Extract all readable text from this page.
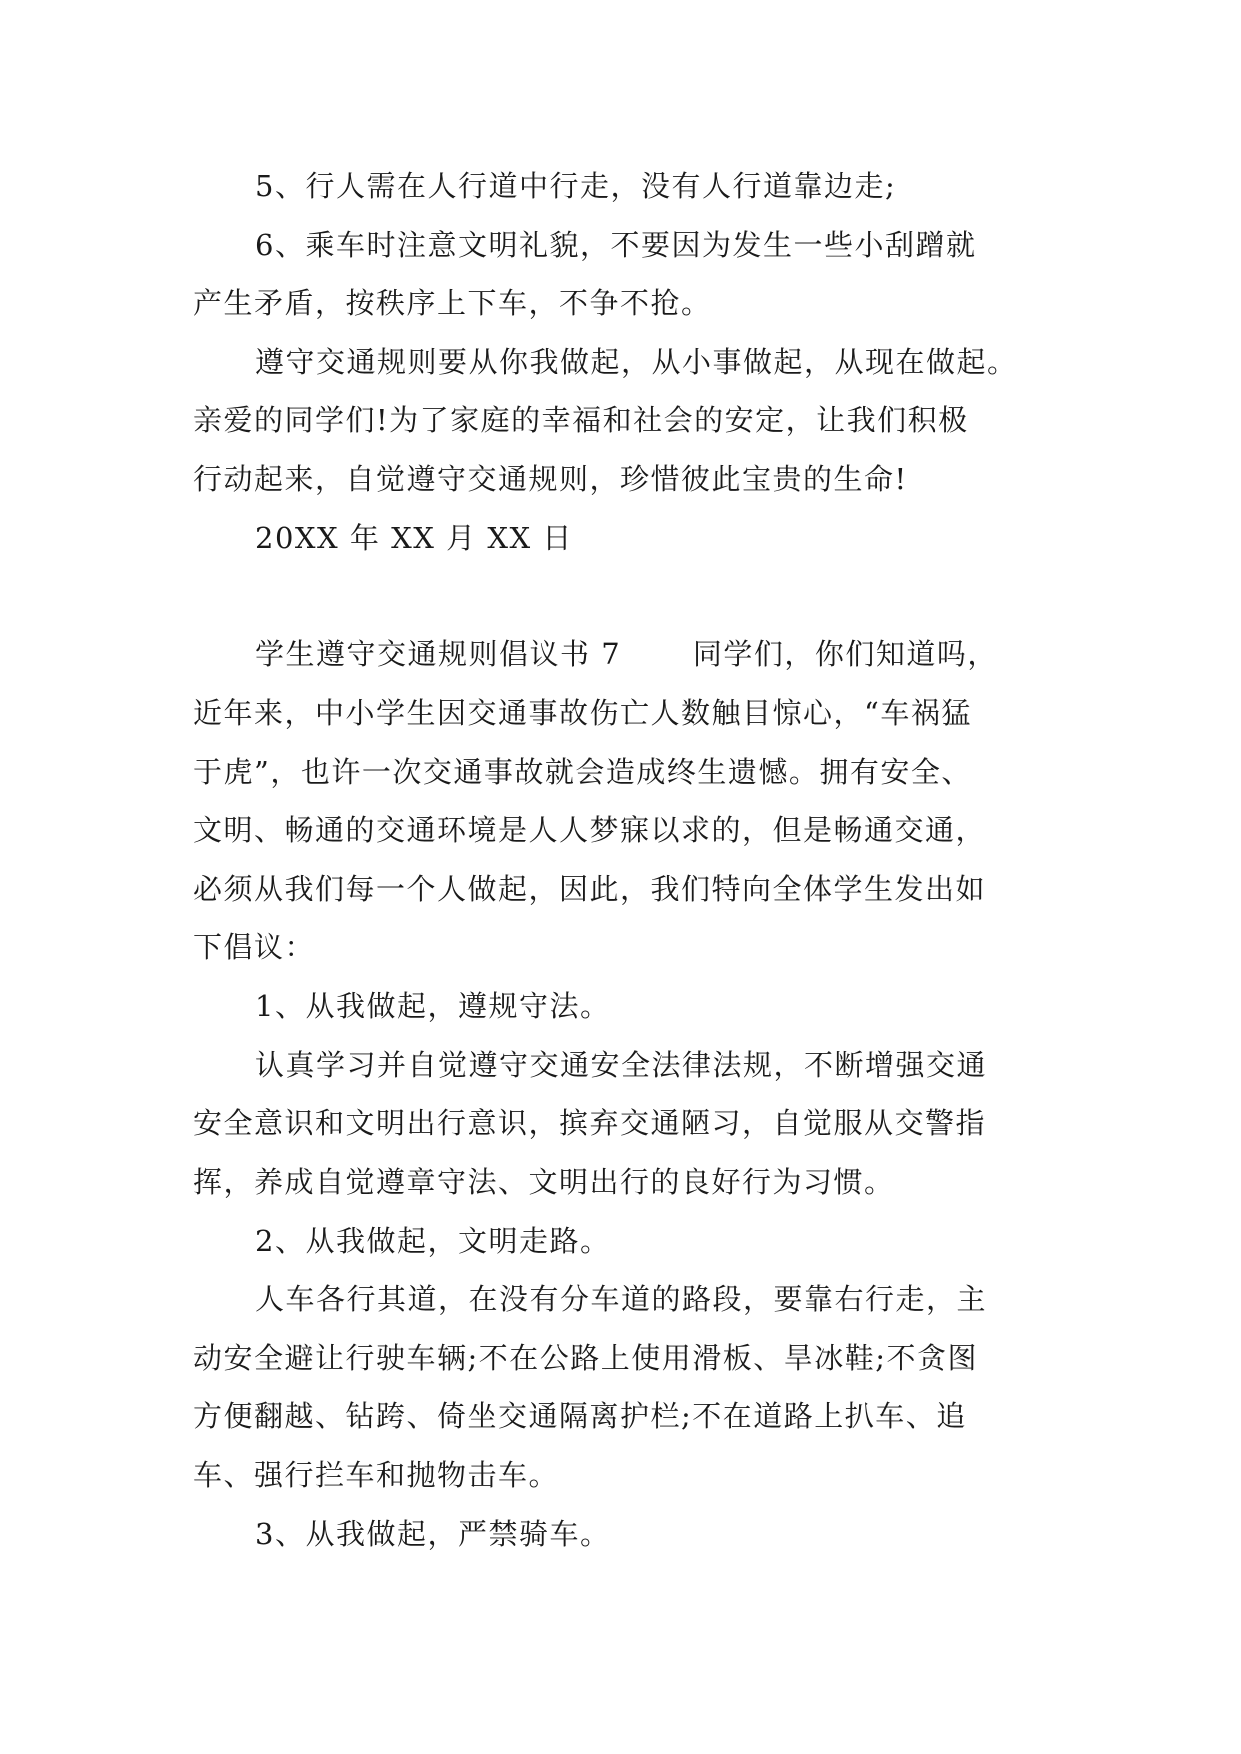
5、行人需在人行道中行走，没有人行道靠边走;
6、乘车时注意文明礼貌，不要因为发生一些小刮蹭就
产生矛盾，按秩序上下车，不争不抢。
遵守交通规则要从你我做起，从小事做起，从现在做起。
亲爱的同学们!为了家庭的幸福和社会的安定，让我们积极
行动起来，自觉遵守交通规则，珍惜彼此宝贵的生命!
20XX 年 XX 月 XX 日
学生遵守交通规则倡议书 7　　 同学们，你们知道吗，
近年来，中小学生因交通事故伤亡人数触目惊心，“车祸猛
于虎”，也许一次交通事故就会造成终生遗憾。拥有安全、
文明、畅通的交通环境是人人梦寐以求的，但是畅通交通，
必须从我们每一个人做起，因此，我们特向全体学生发出如
下倡议：
1、从我做起，遵规守法。
认真学习并自觉遵守交通安全法律法规，不断增强交通
安全意识和文明出行意识，摈弃交通陋习，自觉服从交警指
挥，养成自觉遵章守法、文明出行的良好行为习惯。
2、从我做起，文明走路。
人车各行其道，在没有分车道的路段，要靠右行走，主
动安全避让行驶车辆;不在公路上使用滑板、旱冰鞋;不贪图
方便翻越、钻跨、倚坐交通隔离护栏;不在道路上扒车、追
车、强行拦车和抛物击车。
3、从我做起，严禁骑车。
